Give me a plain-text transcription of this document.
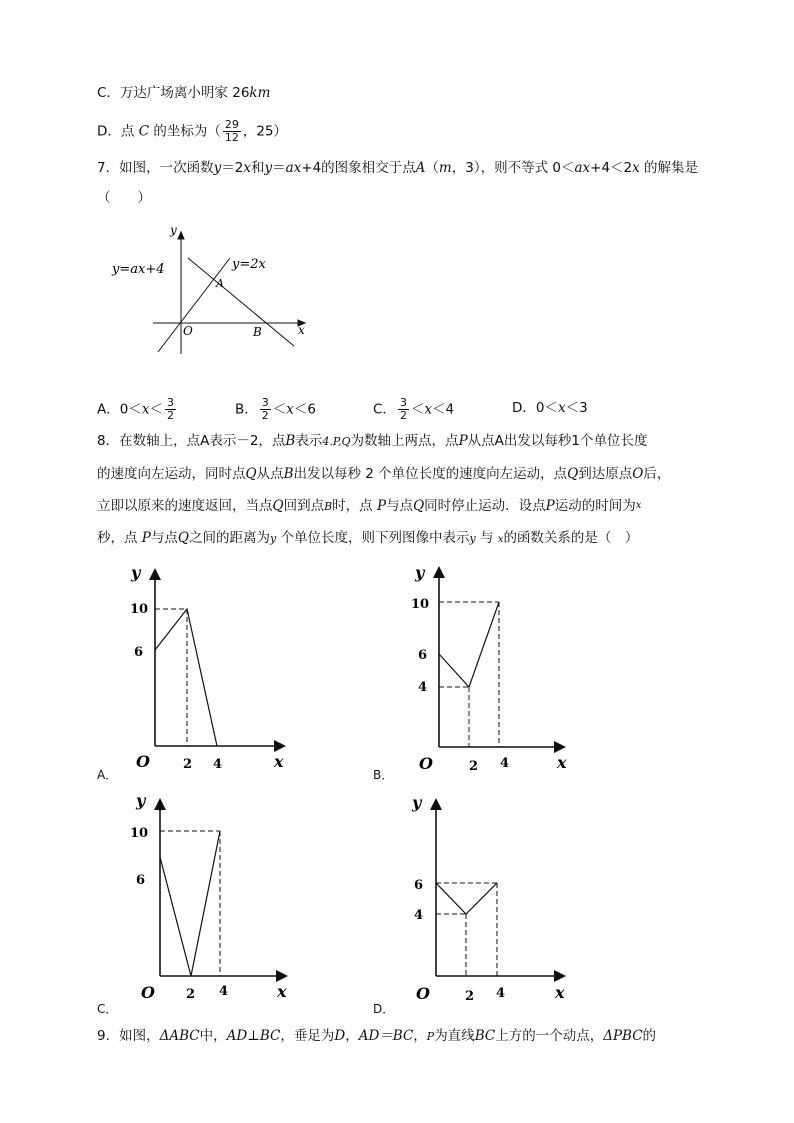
C．万达广场离小明家 26km
D．点 C 的坐标为（ $\frac{29}{12}$ ，25）
7．如图，一次函数y＝2x和y＝ax+4的图象相交于点A（m，3），则不等式 0＜ax+4＜2x 的解集是
（　　）
y
x
O
A
B
y=ax+4	y=2x
A．$0<x< \frac{3}{2}$	B． $\frac{3}{2} <x<6$	C． $\frac{3}{2} <x<4$	D．0＜x＜3
8．在数轴上，点A表示－2，点B表示4.P,Q为数轴上两点，点P从点A出发以每秒1个单位长度
的速度向左运动，同时点Q从点B出发以每秒 2 个单位长度的速度向左运动，点Q到达原点O后，
立即以原来的速度返回，当点Q回到点B时，点 P与点Q同时停止运动．设点P运动的时间为$^x$
秒，点 P与点Q之间的距离为y 个单位长度，则下列图像中表示y 与 x的函数关系的是（　）
y
x
O
10
6
2 4
y
x
O
10
6
4
2 4
y
x
O
10
6
2 4
y
x
O
6
4
2 4
A．	B．
C．	D．
9．如图，ΔABC中，AD⊥BC，垂足为D，AD＝BC，P为直线BC上方的一个动点，ΔPBC的
